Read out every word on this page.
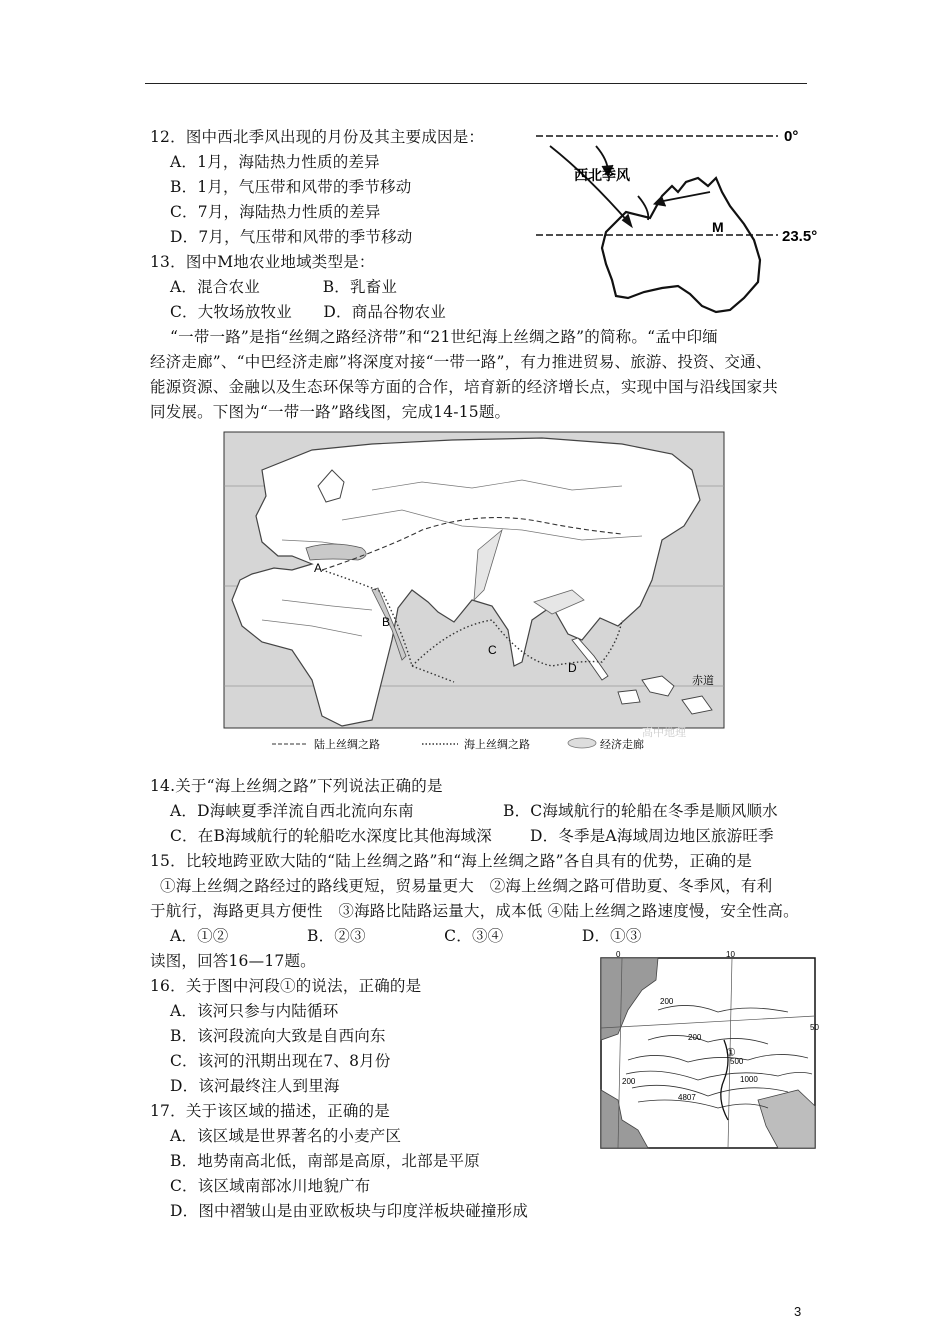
12．图中西北季风出现的月份及其主要成因是：
A．1月，海陆热力性质的差异
B．1月，气压带和风带的季节移动
C．7月，海陆热力性质的差异
D．7月，气压带和风带的季节移动
13．图中M地农业地域类型是：
A．混合农业　　　　B．乳畜业
C．大牧场放牧业　　D．商品谷物农业
0°
23.5°
西北季风
M
“一带一路”是指“丝绸之路经济带”和“21世纪海上丝绸之路”的简称。“孟中印缅
经济走廊”、“中巴经济走廊”将深度对接“一带一路”，有力推进贸易、旅游、投资、交通、
能源资源、金融以及生态环保等方面的合作，培育新的经济增长点，实现中国与沿线国家共
同发展。下图为“一带一路”路线图，完成14-15题。
A
B
C
D
赤道
陆上丝绸之路	海上丝绸之路	经济走廊
高中地理
14.关于“海上丝绸之路”下列说法正确的是
A．D海峡夏季洋流自西北流向东南	B．C海域航行的轮船在冬季是顺风顺水
C．在B海域航行的轮船吃水深度比其他海域深 D．冬季是A海域周边地区旅游旺季
15．比较地跨亚欧大陆的“陆上丝绸之路”和“海上丝绸之路”各自具有的优势，正确的是
①海上丝绸之路经过的路线更短，贸易量更大　②海上丝绸之路可借助夏、冬季风，有利
于航行，海路更具方便性　③海路比陆路运量大，成本低 ④陆上丝绸之路速度慢，安全性高。
A．①②　　　　　B．②③　　　　　C．③④　　　　　D．①③
读图，回答16—17题。
16．关于图中河段①的说法，正确的是
A．该河只参与内陆循环
B．该河段流向大致是自西向东
C．该河的汛期出现在7、8月份
D．该河最终注人到里海
17．关于该区域的描述，正确的是
A．该区域是世界著名的小麦产区
B．地势南高北低，南部是高原，北部是平原
C．该区域南部冰川地貌广布
D．图中褶皱山是由亚欧板块与印度洋板块碰撞形成
0	10
50
200
200
500
1000
200
4807
①
3
